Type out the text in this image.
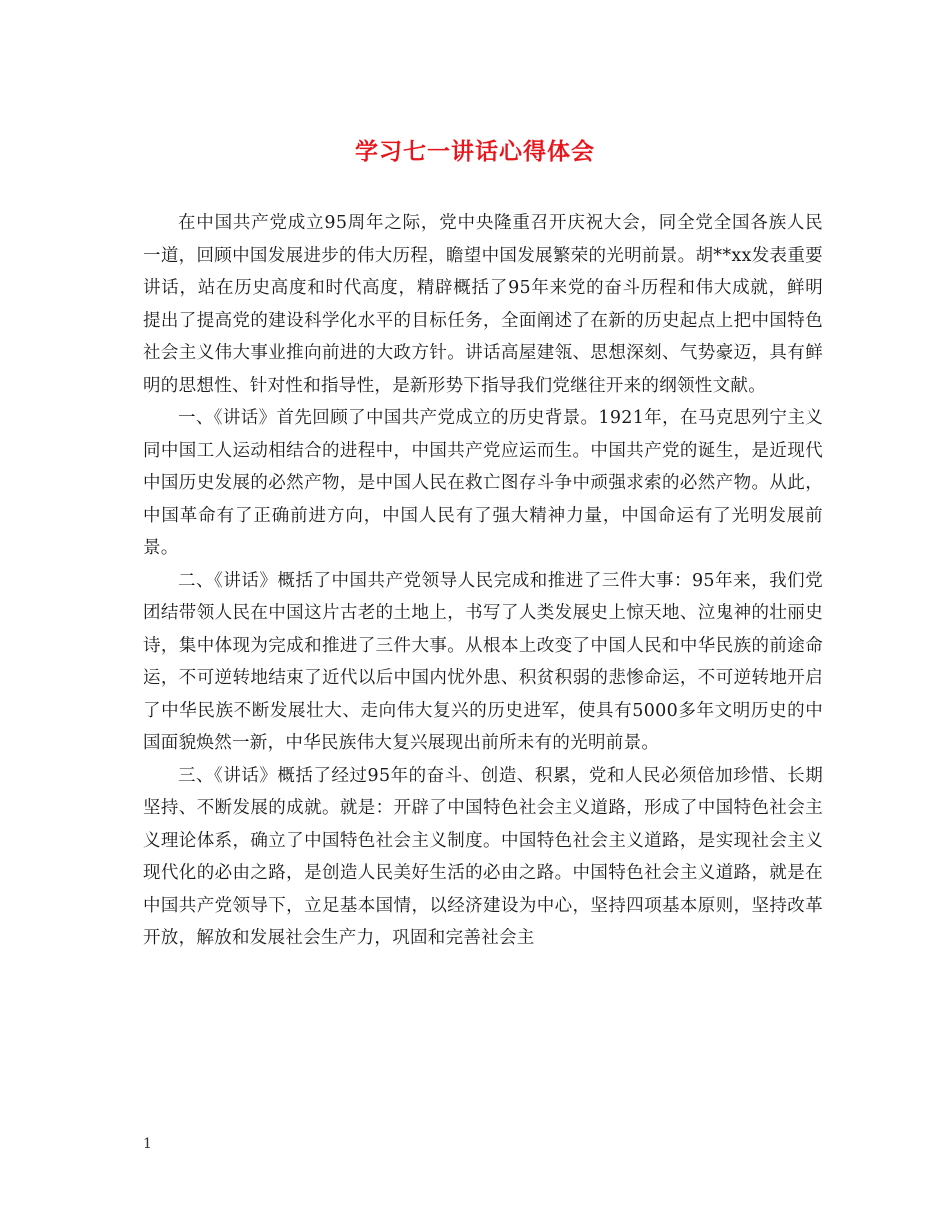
学习七一讲话心得体会

在中国共产党成立95周年之际，党中央隆重召开庆祝大会，同全党全国各族人民一道，回顾中国发展进步的伟大历程，瞻望中国发展繁荣的光明前景。胡**xx发表重要讲话，站在历史高度和时代高度，精辟概括了95年来党的奋斗历程和伟大成就，鲜明提出了提高党的建设科学化水平的目标任务，全面阐述了在新的历史起点上把中国特色社会主义伟大事业推向前进的大政方针。讲话高屋建瓴、思想深刻、气势豪迈，具有鲜明的思想性、针对性和指导性，是新形势下指导我们党继往开来的纲领性文献。

一、《讲话》首先回顾了中国共产党成立的历史背景。1921年，在马克思列宁主义同中国工人运动相结合的进程中，中国共产党应运而生。中国共产党的诞生，是近现代中国历史发展的必然产物，是中国人民在救亡图存斗争中顽强求索的必然产物。从此，中国革命有了正确前进方向，中国人民有了强大精神力量，中国命运有了光明发展前景。

二、《讲话》概括了中国共产党领导人民完成和推进了三件大事：95年来，我们党团结带领人民在中国这片古老的土地上，书写了人类发展史上惊天地、泣鬼神的壮丽史诗，集中体现为完成和推进了三件大事。从根本上改变了中国人民和中华民族的前途命运，不可逆转地结束了近代以后中国内忧外患、积贫积弱的悲惨命运，不可逆转地开启了中华民族不断发展壮大、走向伟大复兴的历史进军，使具有5000多年文明历史的中国面貌焕然一新，中华民族伟大复兴展现出前所未有的光明前景。

三、《讲话》概括了经过95年的奋斗、创造、积累，党和人民必须倍加珍惜、长期坚持、不断发展的成就。就是：开辟了中国特色社会主义道路，形成了中国特色社会主义理论体系，确立了中国特色社会主义制度。中国特色社会主义道路，是实现社会主义现代化的必由之路，是创造人民美好生活的必由之路。中国特色社会主义道路，就是在中国共产党领导下，立足基本国情，以经济建设为中心，坚持四项基本原则，坚持改革开放，解放和发展社会生产力，巩固和完善社会主

1
